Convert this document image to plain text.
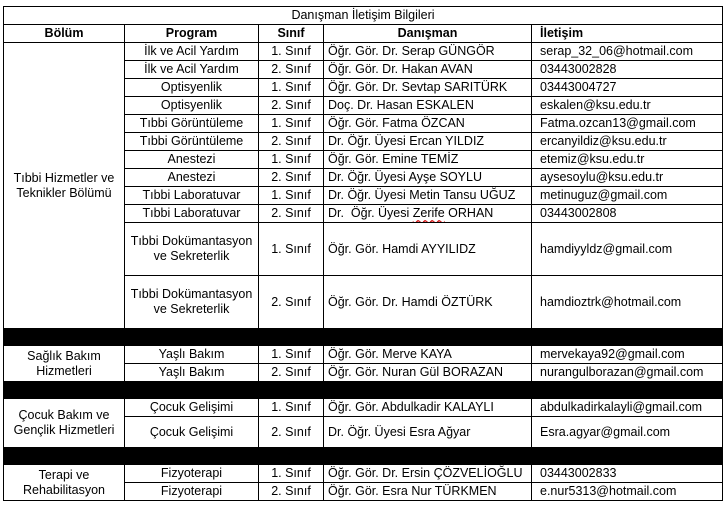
Danışman İletişim Bilgileri				
Bölüm	Program	Sınıf	Danışman	İletişim
Tıbbi Hizmetler ve Teknikler Bölümü	İlk ve Acil Yardım	1. Sınıf	Öğr. Gör. Dr. Serap GÜNGÖR	serap_32_06@hotmail.com
	İlk ve Acil Yardım	2. Sınıf	Öğr. Gör. Dr. Hakan AVAN	03443002828
	Optisyenlik	1. Sınıf	Öğr. Gör. Dr. Sevtap SARITÜRK	03443004727
	Optisyenlik	2. Sınıf	Doç. Dr. Hasan ESKALEN	eskalen@ksu.edu.tr
	Tıbbi Görüntüleme	1. Sınıf	Öğr. Gör. Fatma ÖZCAN	Fatma.ozcan13@gmail.com
	Tıbbi Görüntüleme	2. Sınıf	Dr. Öğr. Üyesi Ercan YILDIZ	ercanyildiz@ksu.edu.tr
	Anestezi	1. Sınıf	Öğr. Gör. Emine TEMİZ	etemiz@ksu.edu.tr
	Anestezi	2. Sınıf	Dr. Öğr. Üyesi Ayşe SOYLU	aysesoylu@ksu.edu.tr
	Tıbbi Laboratuvar	1. Sınıf	Dr. Öğr. Üyesi Metin Tansu UĞUZ	metinuguz@gmail.com
	Tıbbi Laboratuvar	2. Sınıf	Dr.  Öğr. Üyesi Zerife ORHAN	03443002808
	Tıbbi Dokümantasyon ve Sekreterlik	1. Sınıf	Öğr. Gör. Hamdi AYYILIDZ	hamdiyyldz@gmail.com
	Tıbbi Dokümantasyon ve Sekreterlik	2. Sınıf	Öğr. Gör. Dr. Hamdi ÖZTÜRK	hamdioztrk@hotmail.com

Sağlık Bakım Hizmetleri	Yaşlı Bakım	1. Sınıf	Öğr. Gör. Merve KAYA	mervekaya92@gmail.com
	Yaşlı Bakım	2. Sınıf	Öğr. Gör. Nuran Gül BORAZAN	nurangulborazan@gmail.com

Çocuk Bakım ve Gençlik Hizmetleri	Çocuk Gelişimi	1. Sınıf	Öğr. Gör. Abdulkadir KALAYLI	abdulkadirkalayli@gmail.com
	Çocuk Gelişimi	2. Sınıf	Dr. Öğr. Üyesi Esra Ağyar	Esra.agyar@gmail.com

Terapi ve Rehabilitasyon	Fizyoterapi	1. Sınıf	Öğr. Gör. Dr. Ersin ÇÖZVELİOĞLU	03443002833
	Fizyoterapi	2. Sınıf	Öğr. Gör. Esra Nur TÜRKMEN	e.nur5313@hotmail.com
